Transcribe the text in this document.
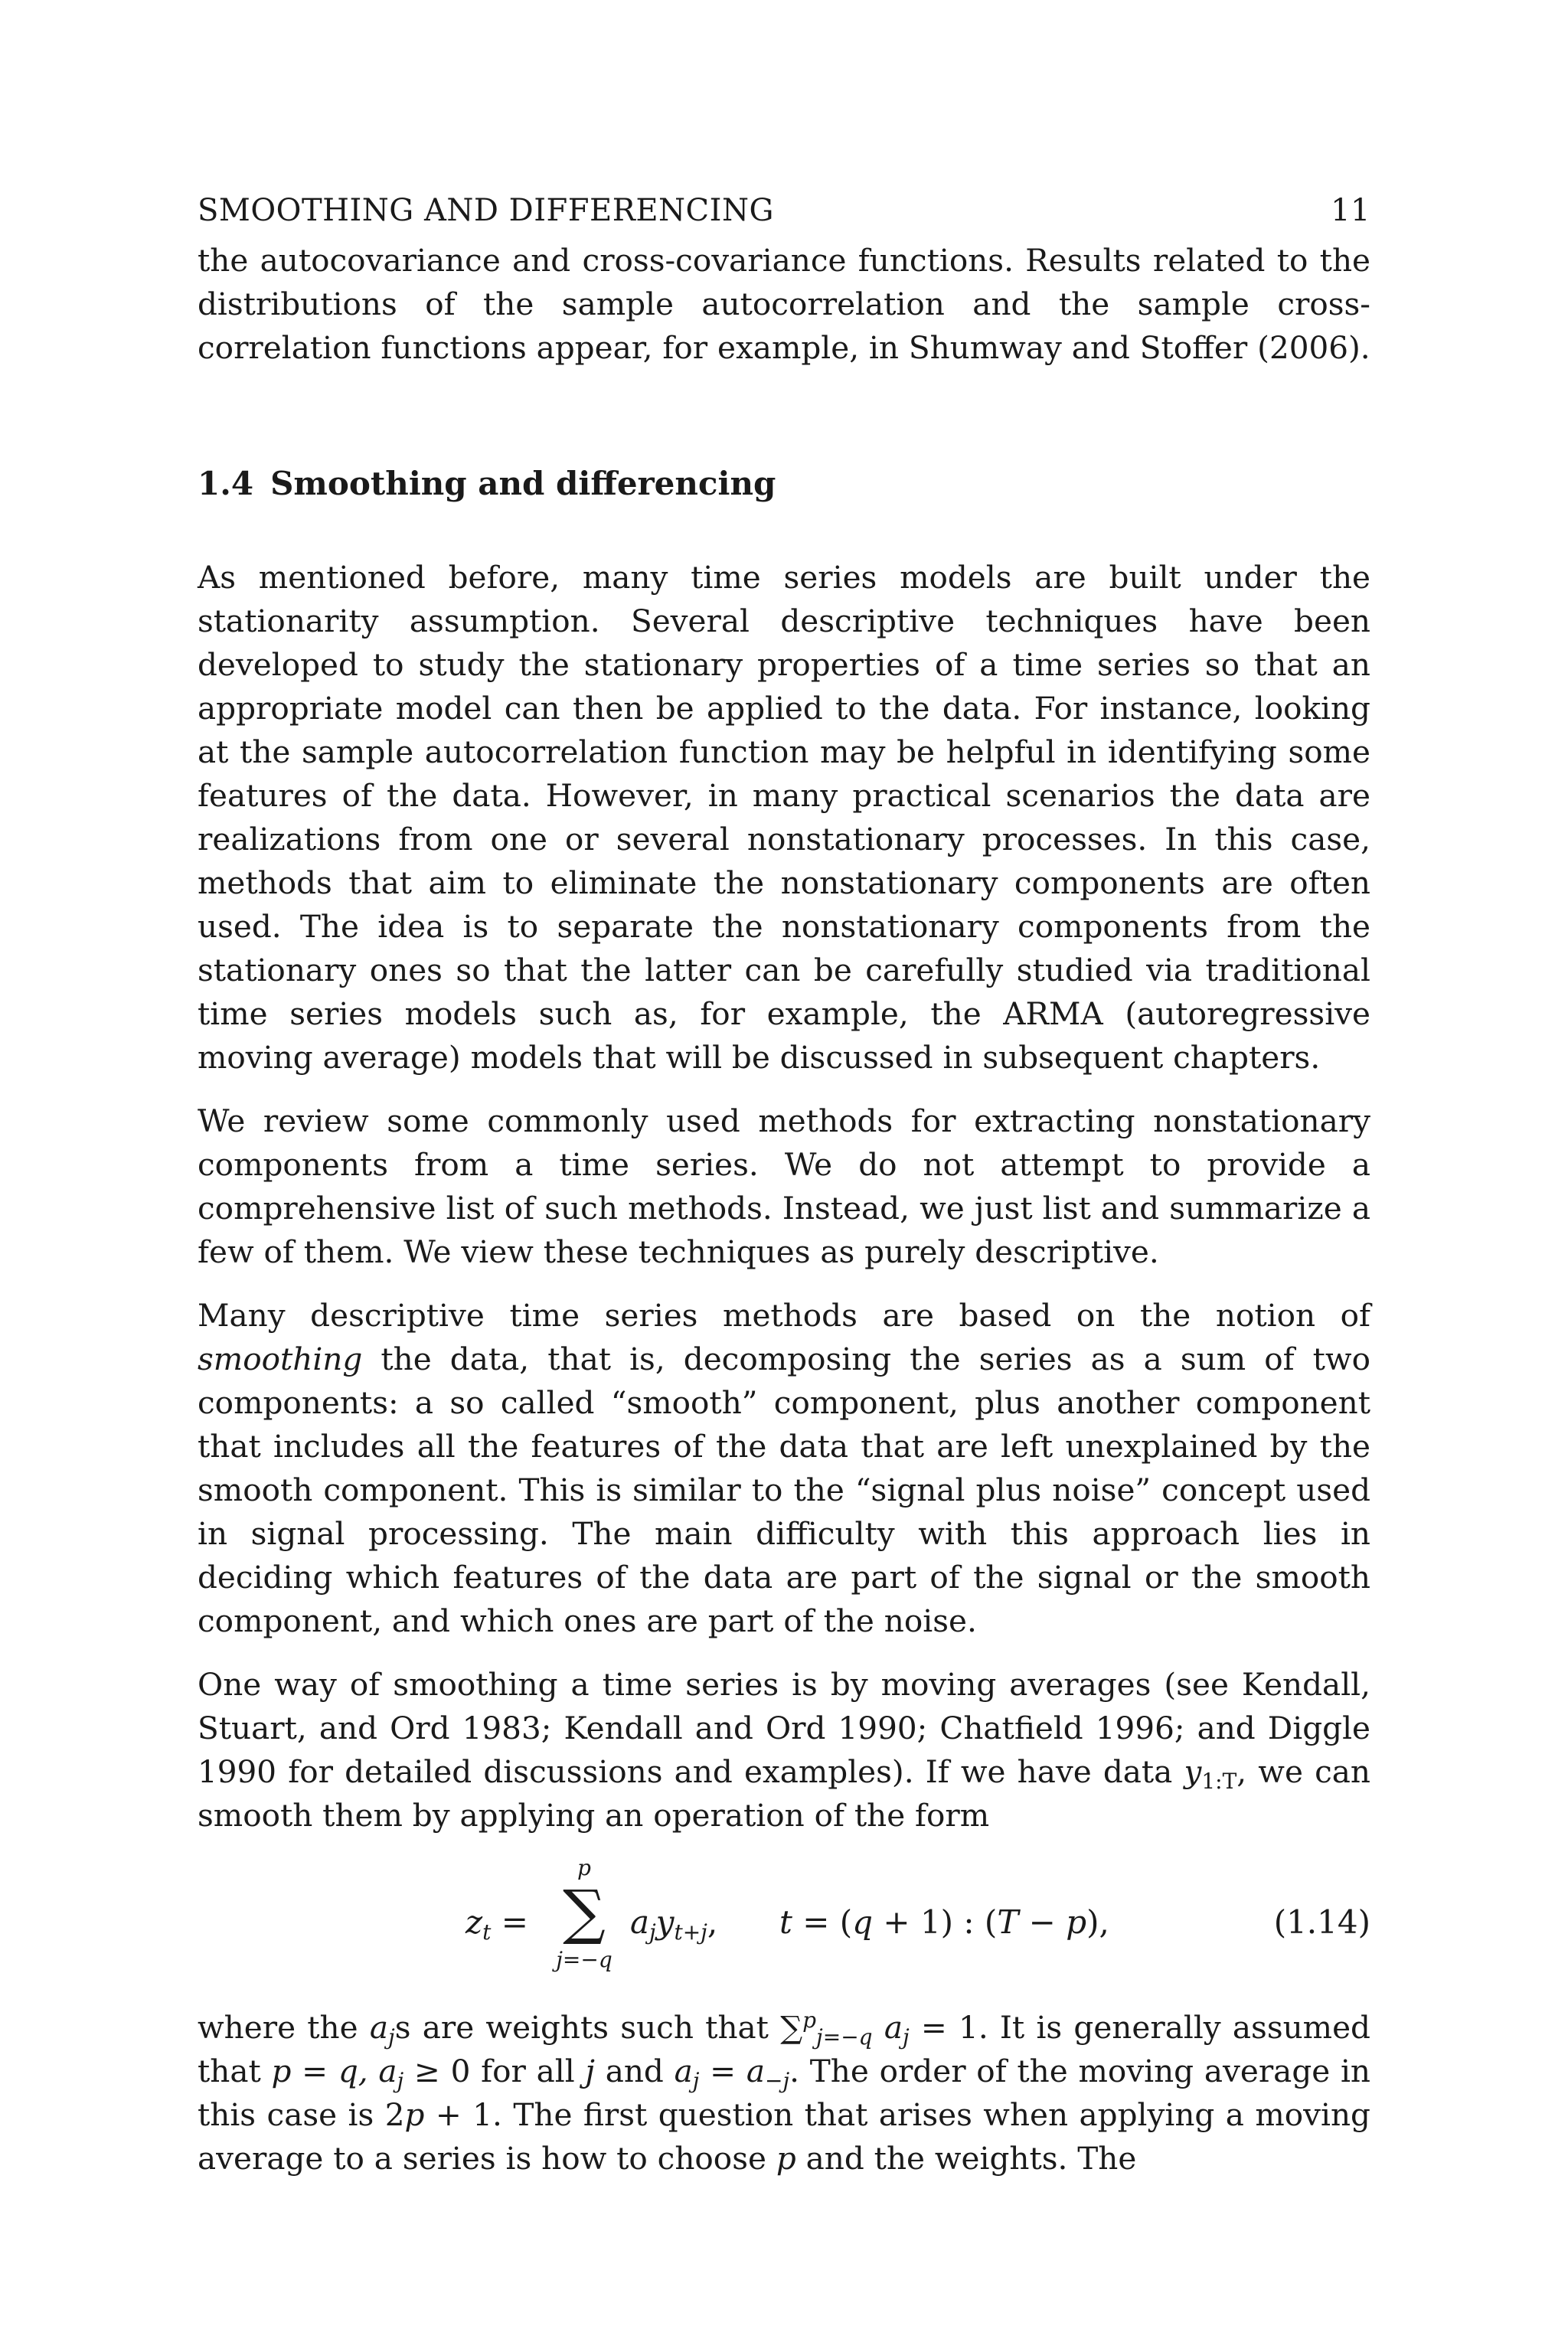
SMOOTHING AND DIFFERENCING	11

the autocovariance and cross-covariance functions. Results related to the distributions of the sample autocorrelation and the sample cross-correlation functions appear, for example, in Shumway and Stoffer (2006).

1.4 Smoothing and differencing

As mentioned before, many time series models are built under the stationarity assumption. Several descriptive techniques have been developed to study the stationary properties of a time series so that an appropriate model can then be applied to the data. For instance, looking at the sample autocorrelation function may be helpful in identifying some features of the data. However, in many practical scenarios the data are realizations from one or several nonstationary processes. In this case, methods that aim to eliminate the nonstationary components are often used. The idea is to separate the nonstationary components from the stationary ones so that the latter can be carefully studied via traditional time series models such as, for example, the ARMA (autoregressive moving average) models that will be discussed in subsequent chapters.

We review some commonly used methods for extracting nonstationary components from a time series. We do not attempt to provide a comprehensive list of such methods. Instead, we just list and summarize a few of them. We view these techniques as purely descriptive.

Many descriptive time series methods are based on the notion of smoothing the data, that is, decomposing the series as a sum of two components: a so called “smooth” component, plus another component that includes all the features of the data that are left unexplained by the smooth component. This is similar to the “signal plus noise” concept used in signal processing. The main difficulty with this approach lies in deciding which features of the data are part of the signal or the smooth component, and which ones are part of the noise.

One way of smoothing a time series is by moving averages (see Kendall, Stuart, and Ord 1983; Kendall and Ord 1990; Chatfield 1996; and Diggle 1990 for detailed discussions and examples). If we have data $y_{1:T}$, we can smooth them by applying an operation of the form

$z_t$ =
p
∑
j=−q
$a_jy_{t+j}$, t = (q + 1) : (T − p),	(1.14)

where the $a_js$ are weights such that ∑$^p_{j=-q}$ $a_j = 1$. It is generally assumed that p = q, $a_j \ge 0$ for all j and $a_j = a_{-j}$. The order of the moving average in this case is 2p + 1. The first question that arises when applying a moving average to a series is how to choose p and the weights. The
